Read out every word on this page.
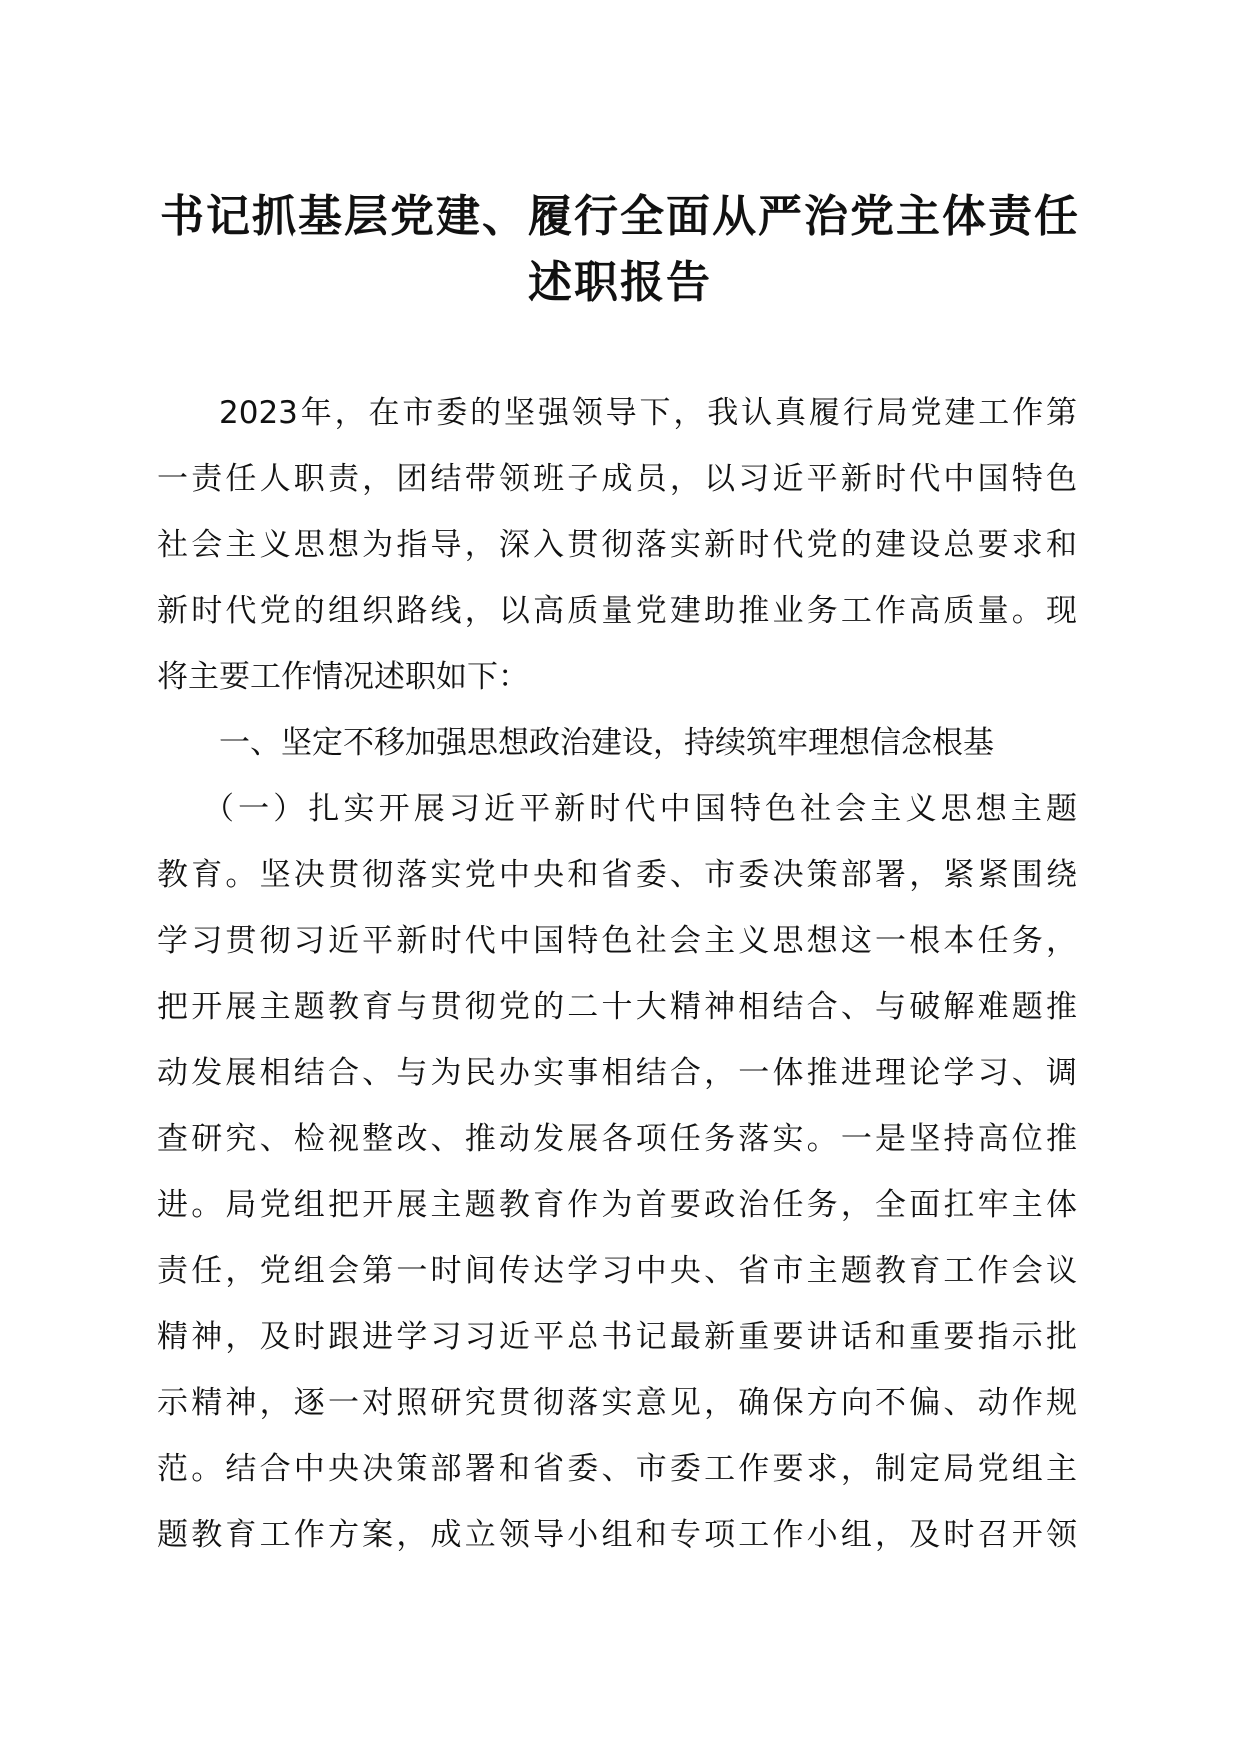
书记抓基层党建、履行全面从严治党主体责任
述职报告
2023年，在市委的坚强领导下，我认真履行局党建工作第
一责任人职责，团结带领班子成员，以习近平新时代中国特色
社会主义思想为指导，深入贯彻落实新时代党的建设总要求和
新时代党的组织路线，以高质量党建助推业务工作高质量。现
将主要工作情况述职如下：
一、坚定不移加强思想政治建设，持续筑牢理想信念根基
（一）扎实开展习近平新时代中国特色社会主义思想主题
教育。坚决贯彻落实党中央和省委、市委决策部署，紧紧围绕
学习贯彻习近平新时代中国特色社会主义思想这一根本任务，
把开展主题教育与贯彻党的二十大精神相结合、与破解难题推
动发展相结合、与为民办实事相结合，一体推进理论学习、调
查研究、检视整改、推动发展各项任务落实。一是坚持高位推
进。局党组把开展主题教育作为首要政治任务，全面扛牢主体
责任，党组会第一时间传达学习中央、省市主题教育工作会议
精神，及时跟进学习习近平总书记最新重要讲话和重要指示批
示精神，逐一对照研究贯彻落实意见，确保方向不偏、动作规
范。结合中央决策部署和省委、市委工作要求，制定局党组主
题教育工作方案，成立领导小组和专项工作小组，及时召开领
